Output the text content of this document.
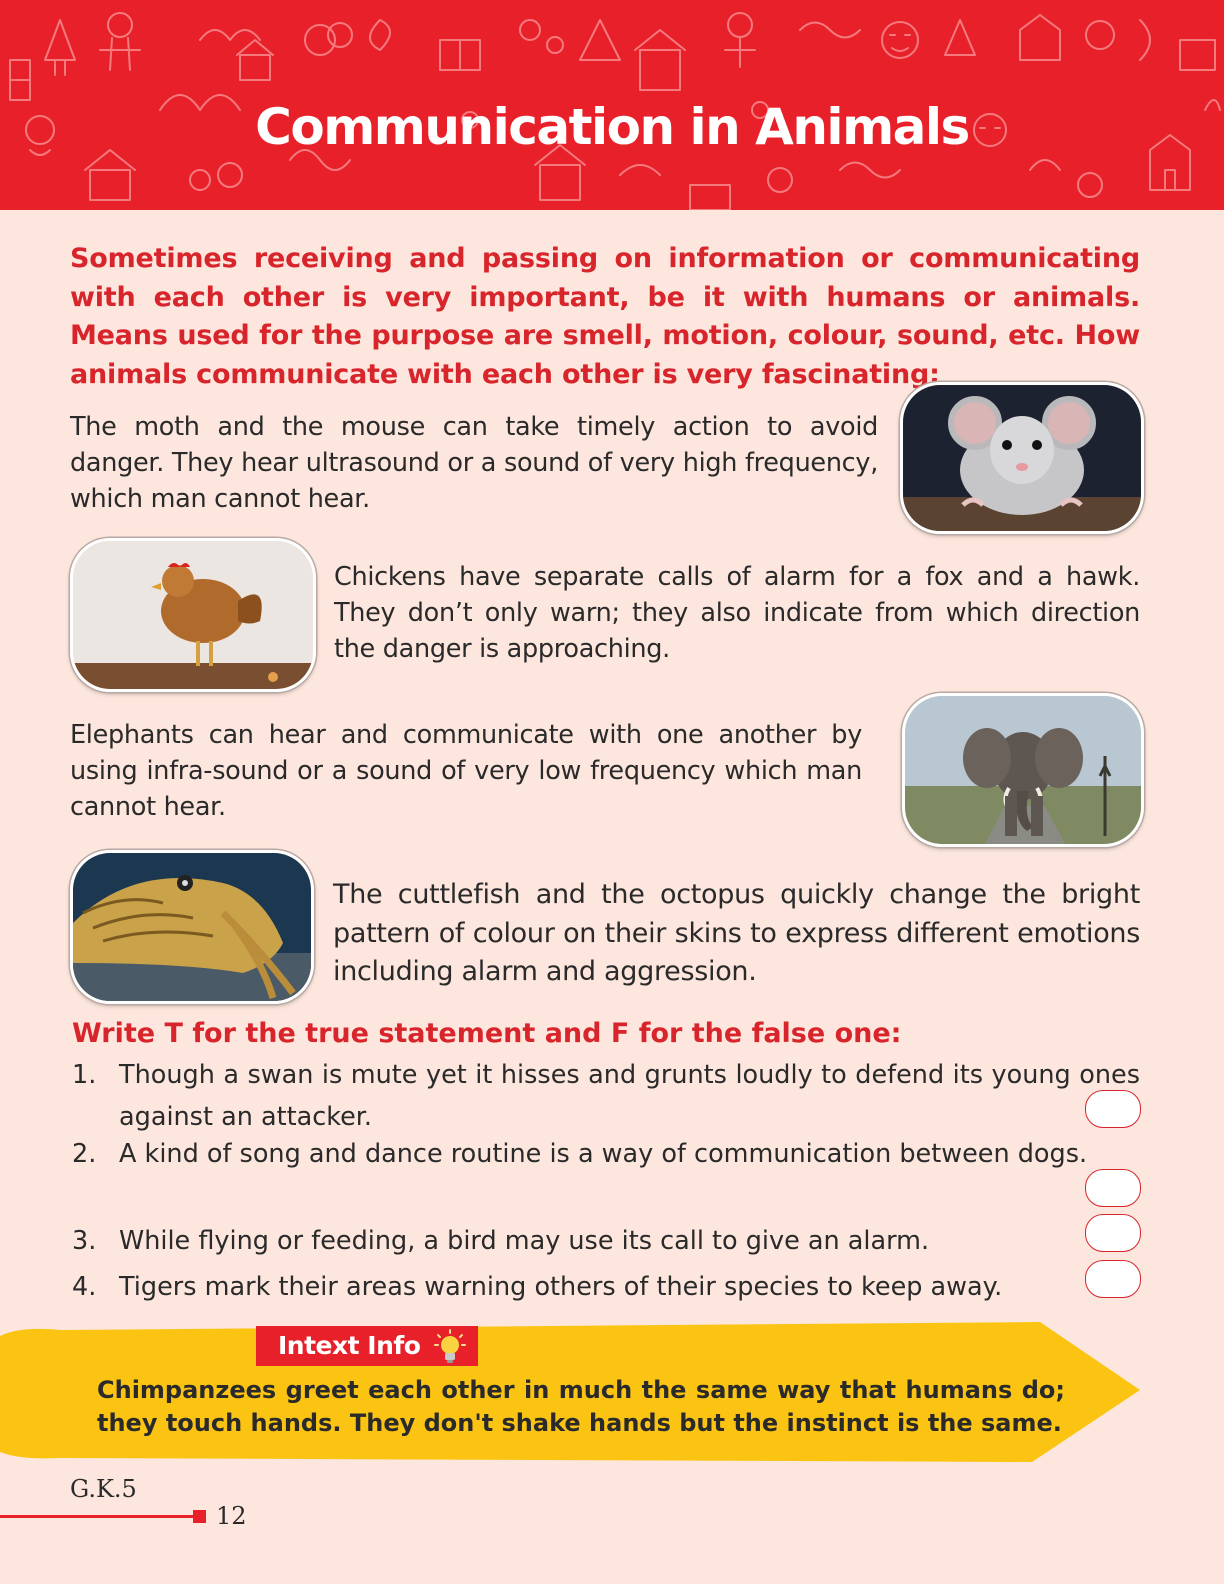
Communication in Animals
Sometimes receiving and passing on information or communicating with each other is very important, be it with humans or animals. Means used for the purpose are smell, motion, colour, sound, etc. How animals communicate with each other is very fascinating:
The moth and the mouse can take timely action to avoid danger. They hear ultrasound or a sound of very high frequency, which man cannot hear.
Chickens have separate calls of alarm for a fox and a hawk. They don’t only warn; they also indicate from which direction the danger is approaching.
Elephants can hear and communicate with one another by using infra-sound or a sound of very low frequency which man cannot hear.
The cuttlefish and the octopus quickly change the bright pattern of colour on their skins to express different emotions including alarm and aggression.
Write T for the true statement and F for the false one:
1. Though a swan is mute yet it hisses and grunts loudly to defend its young ones against an attacker.
2. A kind of song and dance routine is a way of communication between dogs.
3. While flying or feeding, a bird may use its call to give an alarm.
4. Tigers mark their areas warning others of their species to keep away.
Intext Info
Chimpanzees greet each other in much the same way that humans do; they touch hands. They don't shake hands but the instinct is the same.
G.K.5
12
